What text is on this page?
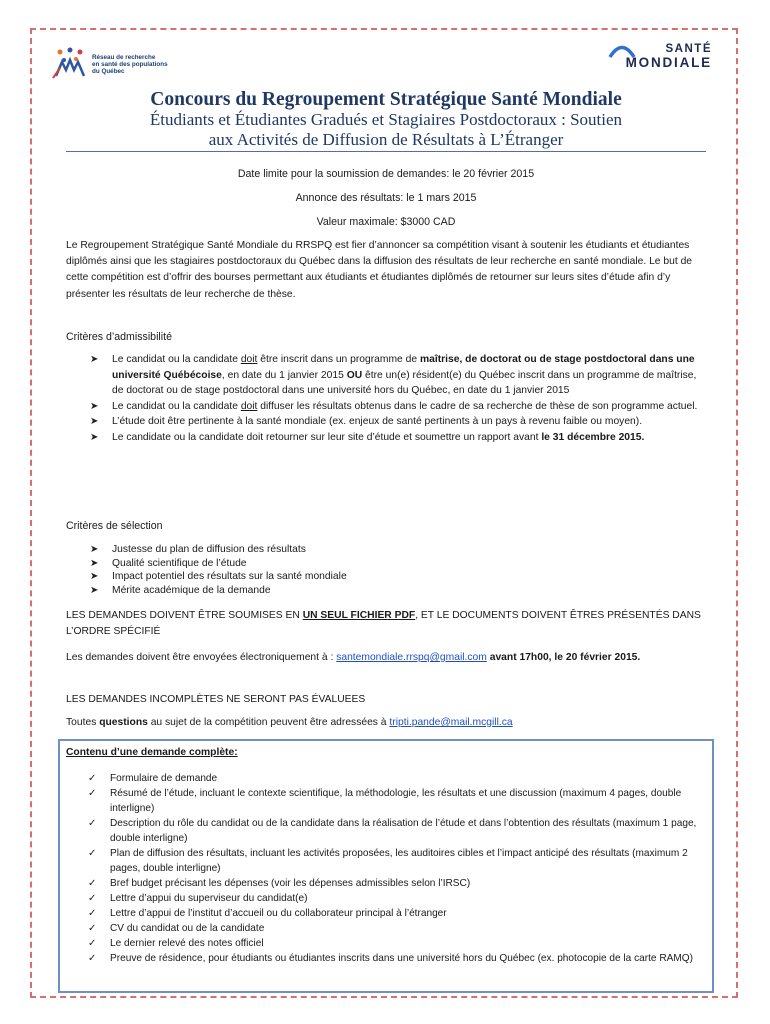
Réseau de recherche
en santé des populations
du Québec
SANTÉ
MONDIALE
Concours du Regroupement Stratégique Santé Mondiale
Étudiants et Étudiantes Gradués et Stagiaires Postdoctoraux : Soutien
aux Activités de Diffusion de Résultats à L’Étranger
Date limite pour la soumission de demandes: le 20 février 2015
Annonce des résultats: le 1 mars 2015
Valeur maximale: $3000 CAD
Le Regroupement Stratégique Santé Mondiale du RRSPQ est fier d’annoncer sa compétition visant à soutenir les étudiants et étudiantes diplômés ainsi que les stagiaires postdoctoraux du Québec dans la diffusion des résultats de leur recherche en santé mondiale. Le but de cette compétition est d’offrir des bourses permettant aux étudiants et étudiantes diplômés de retourner sur leurs sites d’étude afin d’y présenter les résultats de leur recherche de thèse.
Critères d’admissibilité
➤ Le candidat ou la candidate doit être inscrit dans un programme de maîtrise, de doctorat ou de stage postdoctoral dans une université Québécoise, en date du 1 janvier 2015 OU être un(e) résident(e) du Québec inscrit dans un programme de maîtrise, de doctorat ou de stage postdoctoral dans une université hors du Québec, en date du 1 janvier 2015
➤ Le candidat ou la candidate doit diffuser les résultats obtenus dans le cadre de sa recherche de thèse de son programme actuel.
➤ L’étude doit être pertinente à la santé mondiale (ex. enjeux de santé pertinents à un pays à revenu faible ou moyen).
➤ Le candidate ou la candidate doit retourner sur leur site d’étude et soumettre un rapport avant le 31 décembre 2015.
Critères de sélection
➤ Justesse du plan de diffusion des résultats
➤ Qualité scientifique de l’étude
➤ Impact potentiel des résultats sur la santé mondiale
➤ Mérite académique de la demande
LES DEMANDES DOIVENT ÊTRE SOUMISES EN UN SEUL FICHIER PDF, ET LE DOCUMENTS DOIVENT ÊTRES PRÉSENTÉS DANS L’ORDRE SPÉCIFIÉ
Les demandes doivent être envoyées électroniquement à : santemondiale.rrspq@gmail.com avant 17h00, le 20 février 2015.
LES DEMANDES INCOMPLÈTES NE SERONT PAS ÉVALUEES
Toutes questions au sujet de la compétition peuvent être adressées à tripti.pande@mail.mcgill.ca
Contenu d’une demande complète:
✓ Formulaire de demande
✓ Résumé de l’étude, incluant le contexte scientifique, la méthodologie, les résultats et une discussion (maximum 4 pages, double interligne)
✓ Description du rôle du candidat ou de la candidate dans la réalisation de l’étude et dans l’obtention des résultats (maximum 1 page, double interligne)
✓ Plan de diffusion des résultats, incluant les activités proposées, les auditoires cibles et l’impact anticipé des résultats (maximum 2 pages, double interligne)
✓ Bref budget précisant les dépenses (voir les dépenses admissibles selon l’IRSC)
✓ Lettre d’appui du superviseur du candidat(e)
✓ Lettre d’appui de l’institut d’accueil ou du collaborateur principal à l’étranger
✓ CV du candidat ou de la candidate
✓ Le dernier relevé des notes officiel
✓ Preuve de résidence, pour étudiants ou étudiantes inscrits dans une université hors du Québec (ex. photocopie de la carte RAMQ)
